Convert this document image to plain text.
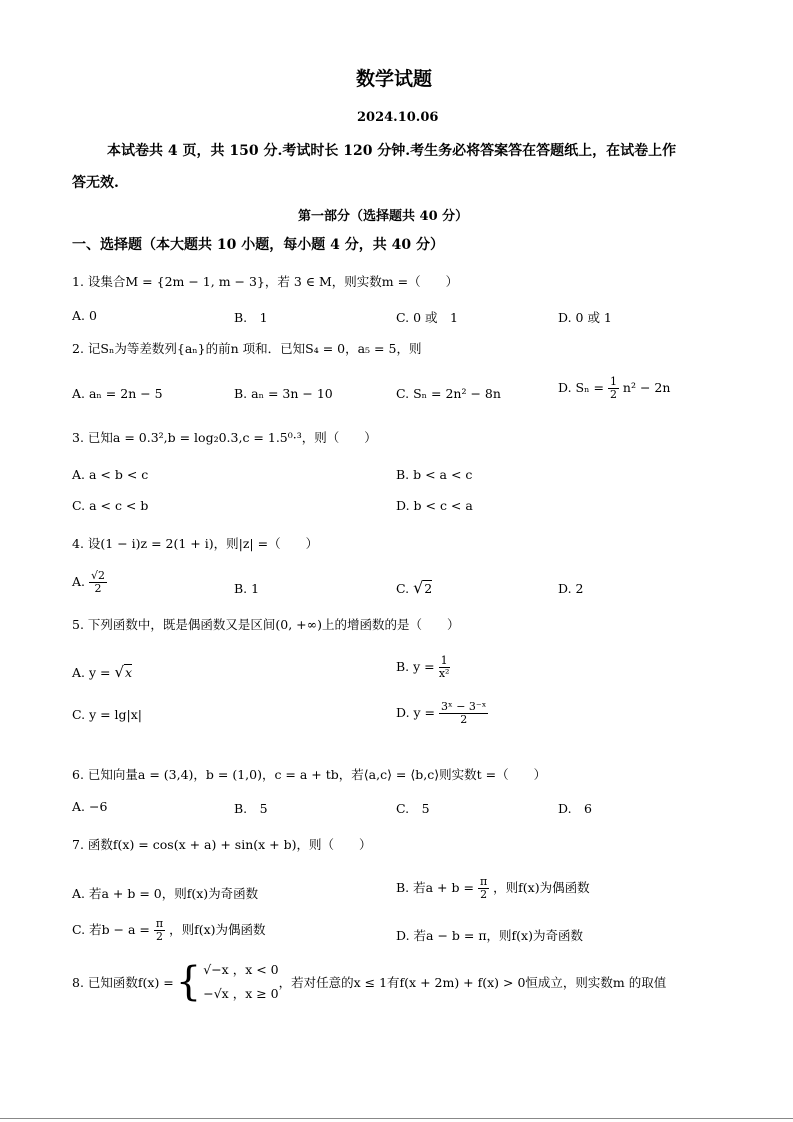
数学试题
2024.10.06
本试卷共 4 页，共 150 分.考试时长 120 分钟.考生务必将答案答在答题纸上，在试卷上作
答无效.
第一部分（选择题共 40 分）
一、选择题（本大题共 10 小题，每小题 4 分，共 40 分）
1. 设集合M = {2m − 1, m − 3}，若 3 ∈ M，则实数m =（　　）
A. 0	B.　1	C. 0 或　1	D. 0 或 1
2. 记Sₙ为等差数列{aₙ}的前n 项和．已知S₄ = 0，a₅ = 5，则
A. aₙ = 2n − 5	B. aₙ = 3n − 10	C. Sₙ = 2n² − 8n	D. $S_n = \frac{1}{2} n^2 - 2n$
3. 已知a = 0.3²,b = log₂0.3,c = 1.5⁰·³，则（　　）
A. a < b < c	B. b < a < c
C. a < c < b	D. b < c < a
4. 设(1 − i)z = 2(1 + i)，则|z| =（　　）
A. $\frac{√2}{2}$	B. 1	C. √2	D. 2
5. 下列函数中，既是偶函数又是区间(0, +∞)上的增函数的是（　　）
A. y = √x	B. $y = \frac{1}{\text{x²}}$
C. y = lg|x|	D. $y = \frac{\text{3ˣ − 3⁻ˣ}}{2}$
6. 已知向量a = (3,4)，b = (1,0)，c = a + tb，若⟨a,c⟩ = ⟨b,c⟩则实数t =（　　）
A. −6	B.　5	C.　5	D.　6
7. 函数f(x) = cos(x + a) + sin(x + b)，则（　　）
A. 若a + b = 0，则f(x)为奇函数	B. 若$a + b = \frac{\pi}{2}$ ，则f(x)为偶函数
C. 若$b - a = \frac{\pi}{2}$ ，则f(x)为偶函数	D. 若a − b = π，则f(x)为奇函数
8. 已知函数f(x) = { √−x ，x < 0
−√x ，x ≥ 0
，若对任意的x ≤ 1有f(x + 2m) + f(x) > 0恒成立，则实数m 的取值
